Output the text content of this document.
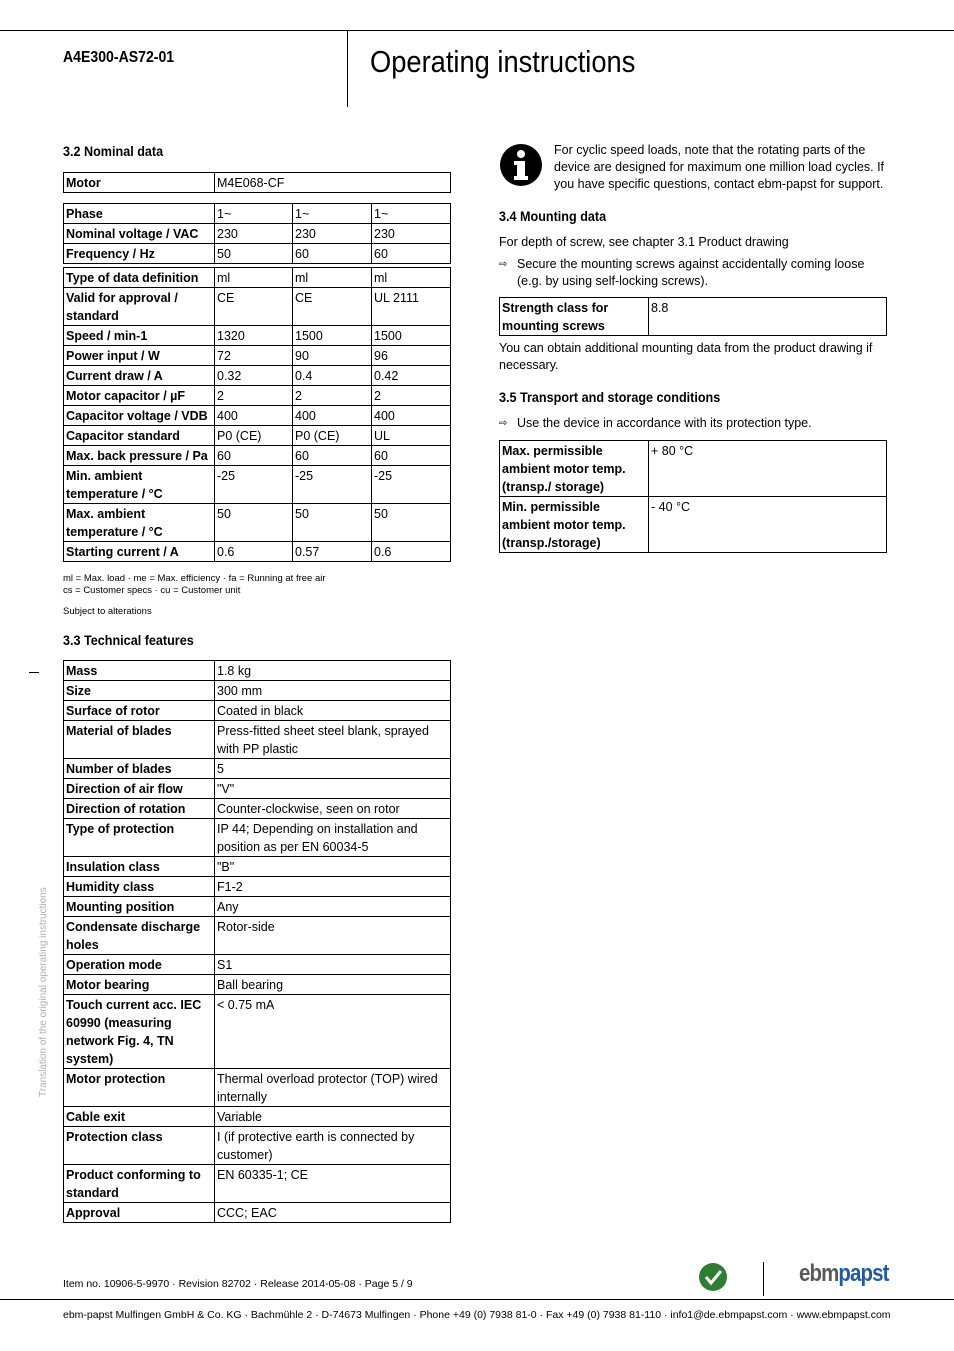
A4E300-AS72-01	Operating instructions
3.2 Nominal data
Motor	M4E068-CF
Phase	1~	1~	1~
Nominal voltage / VAC	230	230	230
Frequency / Hz	50	60	60
Type of data definition	ml	ml	ml
Valid for approval / standard	CE	CE	UL 2111
Speed / min-1	1320	1500	1500
Power input / W	72	90	96
Current draw / A	0.32	0.4	0.42
Motor capacitor / µF	2	2	2
Capacitor voltage / VDB	400	400	400
Capacitor standard	P0 (CE)	P0 (CE)	UL
Max. back pressure / Pa	60	60	60
Min. ambient temperature / °C	-25	-25	-25
Max. ambient temperature / °C	50	50	50
Starting current / A	0.6	0.57	0.6
ml = Max. load · me = Max. efficiency · fa = Running at free air
cs = Customer specs · cu = Customer unit
Subject to alterations
3.3 Technical features
Mass	1.8 kg
Size	300 mm
Surface of rotor	Coated in black
Material of blades	Press-fitted sheet steel blank, sprayed with PP plastic
Number of blades	5
Direction of air flow	"V"
Direction of rotation	Counter-clockwise, seen on rotor
Type of protection	IP 44; Depending on installation and position as per EN 60034-5
Insulation class	"B"
Humidity class	F1-2
Mounting position	Any
Condensate discharge holes	Rotor-side
Operation mode	S1
Motor bearing	Ball bearing
Touch current acc. IEC 60990 (measuring network Fig. 4, TN system)	< 0.75 mA
Motor protection	Thermal overload protector (TOP) wired internally
Cable exit	Variable
Protection class	I (if protective earth is connected by customer)
Product conforming to standard	EN 60335-1; CE
Approval	CCC; EAC
Translation of the original operating instructions
For cyclic speed loads, note that the rotating parts of the device are designed for maximum one million load cycles. If you have specific questions, contact ebm-papst for support.
3.4 Mounting data
For depth of screw, see chapter 3.1 Product drawing
⇨ Secure the mounting screws against accidentally coming loose (e.g. by using self-locking screws).
Strength class for mounting screws	8.8
You can obtain additional mounting data from the product drawing if necessary.
3.5 Transport and storage conditions
⇨ Use the device in accordance with its protection type.
Max. permissible ambient motor temp. (transp./ storage)	+ 80 °C
Min. permissible ambient motor temp. (transp./storage)	- 40 °C
Item no. 10906-5-9970 · Revision 82702 · Release 2014-05-08 · Page 5 / 9	ebmpapst
ebm-papst Mulfingen GmbH & Co. KG · Bachmühle 2 · D-74673 Mulfingen · Phone +49 (0) 7938 81-0 · Fax +49 (0) 7938 81-110 · info1@de.ebmpapst.com · www.ebmpapst.com
